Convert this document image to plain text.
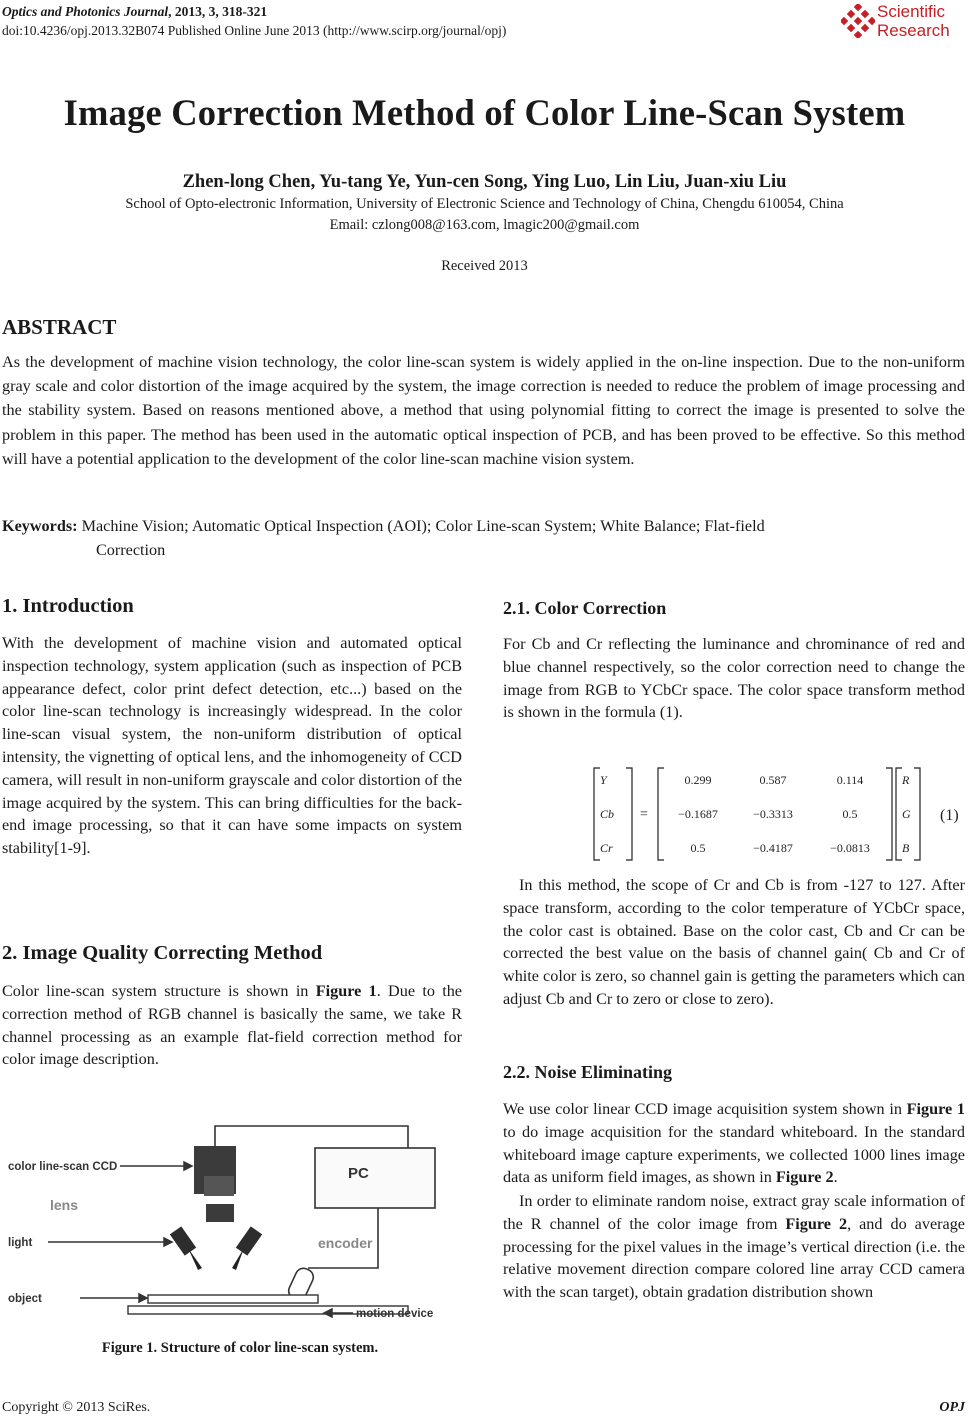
Optics and Photonics Journal, 2013, 3, 318-321
doi:10.4236/opj.2013.32B074 Published Online June 2013 (http://www.scirp.org/journal/opj)
Scientific
Research
Image Correction Method of Color Line-Scan System
Zhen-long Chen, Yu-tang Ye, Yun-cen Song, Ying Luo, Lin Liu, Juan-xiu Liu
School of Opto-electronic Information, University of Electronic Science and Technology of China, Chengdu 610054, China
Email: czlong008@163.com, lmagic200@gmail.com
Received 2013
ABSTRACT
As the development of machine vision technology, the color line-scan system is widely applied in the on-line inspection. Due to the non-uniform gray scale and color distortion of the image acquired by the system, the image correction is needed to reduce the problem of image processing and the stability system. Based on reasons mentioned above, a method that using polynomial fitting to correct the image is presented to solve the problem in this paper. The method has been used in the automatic optical inspection of PCB, and has been proved to be effective. So this method will have a potential application to the development of the color line-scan machine vision system.
Keywords: Machine Vision; Automatic Optical Inspection (AOI); Color Line-scan System; White Balance; Flat-field
Correction
1. Introduction
With the development of machine vision and automated optical inspection technology, system application (such as inspection of PCB appearance defect, color print defect detection, etc...) based on the color line-scan technology is increasingly widespread. In the color line-scan visual system, the non-uniform distribution of optical intensity, the vignetting of optical lens, and the inhomogeneity of CCD camera, will result in non-uniform grayscale and color distortion of the image acquired by the system. This can bring difficulties for the back-end image processing, so that it can have some impacts on system stability[1-9].
2. Image Quality Correcting Method
Color line-scan system structure is shown in Figure 1. Due to the correction method of RGB channel is basically the same, we take R channel processing as an example flat-field correction method for color image description.
PC
encoder
color line-scan CCD
lens
light
object
motion device
Figure 1. Structure of color line-scan system.
2.1. Color Correction
For Cb and Cr reflecting the luminance and chrominance of red and blue channel respectively, so the color correction need to change the image from RGB to YCbCr space. The color space transform method is shown in the formula (1).
Y
Cb
Cr
R
G
B
=
0.299	0.587	0.114
−0.1687	−0.3313	0.5
0.5	−0.4187	−0.0813
(1)
In this method, the scope of Cr and Cb is from -127 to 127. After space transform, according to the color temperature of YCbCr space, the color cast is obtained. Base on the color cast, Cb and Cr can be corrected the best value on the basis of channel gain( Cb and Cr of white color is zero, so channel gain is getting the parameters which can adjust Cb and Cr to zero or close to zero).
2.2. Noise Eliminating
We use color linear CCD image acquisition system shown in Figure 1 to do image acquisition for the standard whiteboard. In the standard whiteboard image capture experiments, we collected 1000 lines image data as uniform field images, as shown in Figure 2.
In order to eliminate random noise, extract gray scale information of the R channel of the color image from Figure 2, and do average processing for the pixel values in the image’s vertical direction (i.e. the relative movement direction compare colored line array CCD camera with the scan target), obtain gradation distribution shown
Copyright © 2013 SciRes.	OPJ
